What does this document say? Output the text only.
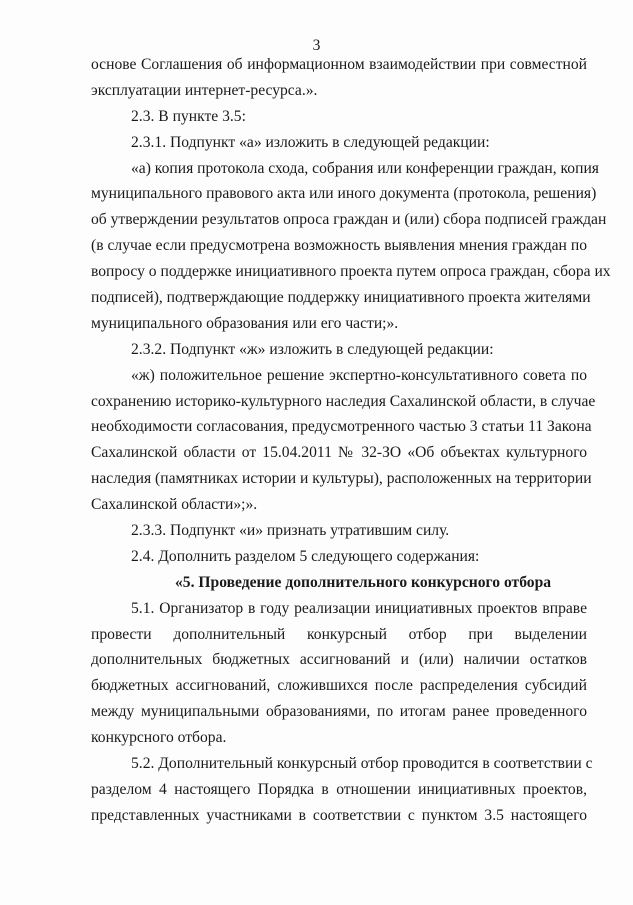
3
основе Соглашения об информационном взаимодействии при совместной
эксплуатации интернет-ресурса.».
2.3. В пункте 3.5:
2.3.1. Подпункт «а» изложить в следующей редакции:
«а) копия протокола схода, собрания или конференции граждан, копия
муниципального правового акта или иного документа (протокола, решения)
об утверждении результатов опроса граждан и (или) сбора подписей граждан
(в случае если предусмотрена возможность выявления мнения граждан по
вопросу о поддержке инициативного проекта путем опроса граждан, сбора их
подписей), подтверждающие поддержку инициативного проекта жителями
муниципального образования или его части;».
2.3.2. Подпункт «ж» изложить в следующей редакции:
«ж) положительное решение экспертно-консультативного совета по
сохранению историко-культурного наследия Сахалинской области, в случае
необходимости согласования, предусмотренного частью 3 статьи 11 Закона
Сахалинской области от 15.04.2011 № 32-ЗО «Об объектах культурного
наследия (памятниках истории и культуры), расположенных на территории
Сахалинской области»;».
2.3.3. Подпункт «и» признать утратившим силу.
2.4. Дополнить разделом 5 следующего содержания:
«5. Проведение дополнительного конкурсного отбора
5.1. Организатор в году реализации инициативных проектов вправе
провести дополнительный конкурсный отбор при выделении
дополнительных бюджетных ассигнований и (или) наличии остатков
бюджетных ассигнований, сложившихся после распределения субсидий
между муниципальными образованиями, по итогам ранее проведенного
конкурсного отбора.
5.2. Дополнительный конкурсный отбор проводится в соответствии с
разделом 4 настоящего Порядка в отношении инициативных проектов,
представленных участниками в соответствии с пунктом 3.5 настоящего
